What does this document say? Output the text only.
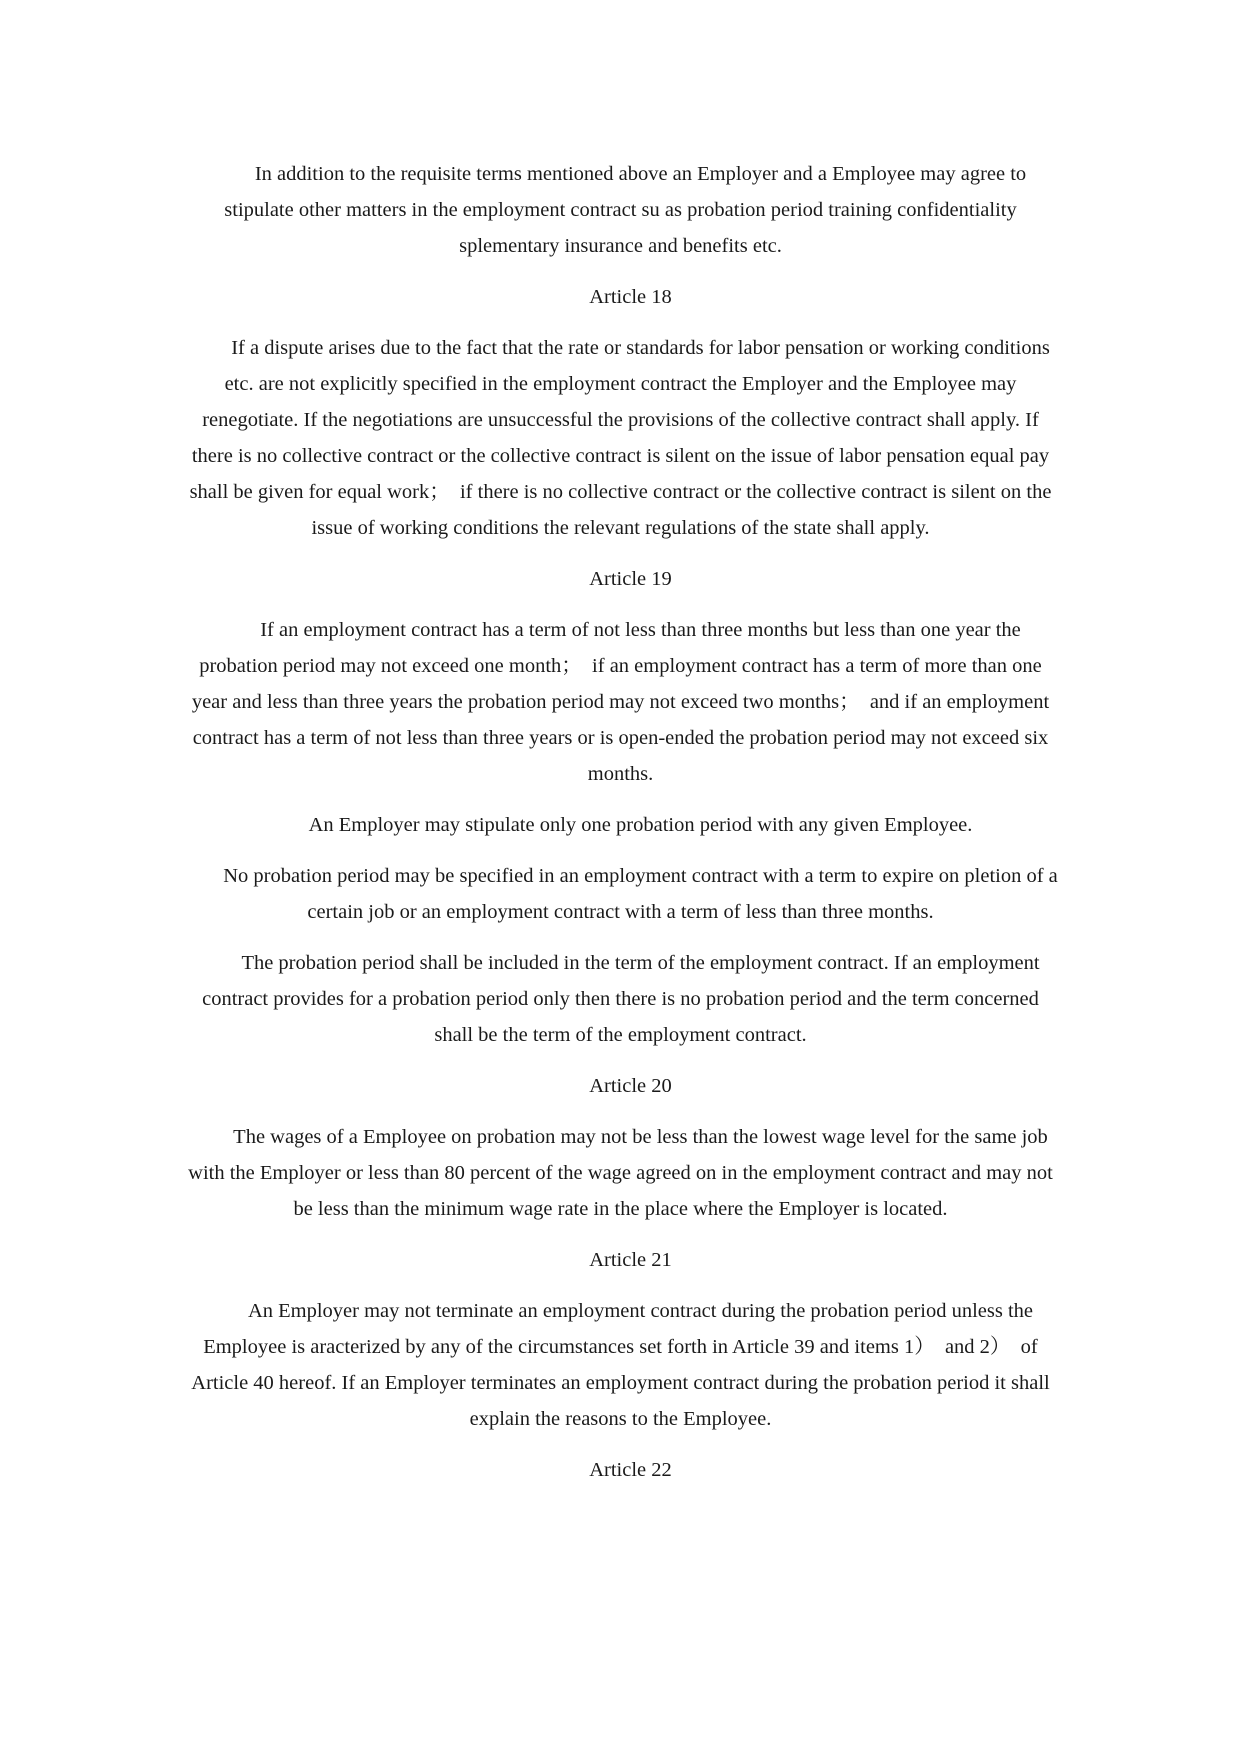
In addition to the requisite terms mentioned above an Employer and a Employee may agree to stipulate other matters in the employment contract su as probation period training confidentiality splementary insurance and benefits etc.

Article 18

If a dispute arises due to the fact that the rate or standards for labor pensation or working conditions etc. are not explicitly specified in the employment contract the Employer and the Employee may renegotiate. If the negotiations are unsuccessful the provisions of the collective contract shall apply. If there is no collective contract or the collective contract is silent on the issue of labor pensation equal pay shall be given for equal work；  if there is no collective contract or the collective contract is silent on the issue of working conditions the relevant regulations of the state shall apply.

Article 19

If an employment contract has a term of not less than three months but less than one year the probation period may not exceed one month；  if an employment contract has a term of more than one year and less than three years the probation period may not exceed two months；  and if an employment contract has a term of not less than three years or is open-ended the probation period may not exceed six months.

An Employer may stipulate only one probation period with any given Employee.

No probation period may be specified in an employment contract with a term to expire on pletion of a certain job or an employment contract with a term of less than three months.

The probation period shall be included in the term of the employment contract. If an employment contract provides for a probation period only then there is no probation period and the term concerned shall be the term of the employment contract.

Article 20

The wages of a Employee on probation may not be less than the lowest wage level for the same job with the Employer or less than 80 percent of the wage agreed on in the employment contract and may not be less than the minimum wage rate in the place where the Employer is located.

Article 21

An Employer may not terminate an employment contract during the probation period unless the Employee is aracterized by any of the circumstances set forth in Article 39 and items 1）  and 2）  of Article 40 hereof. If an Employer terminates an employment contract during the probation period it shall explain the reasons to the Employee.

Article 22
